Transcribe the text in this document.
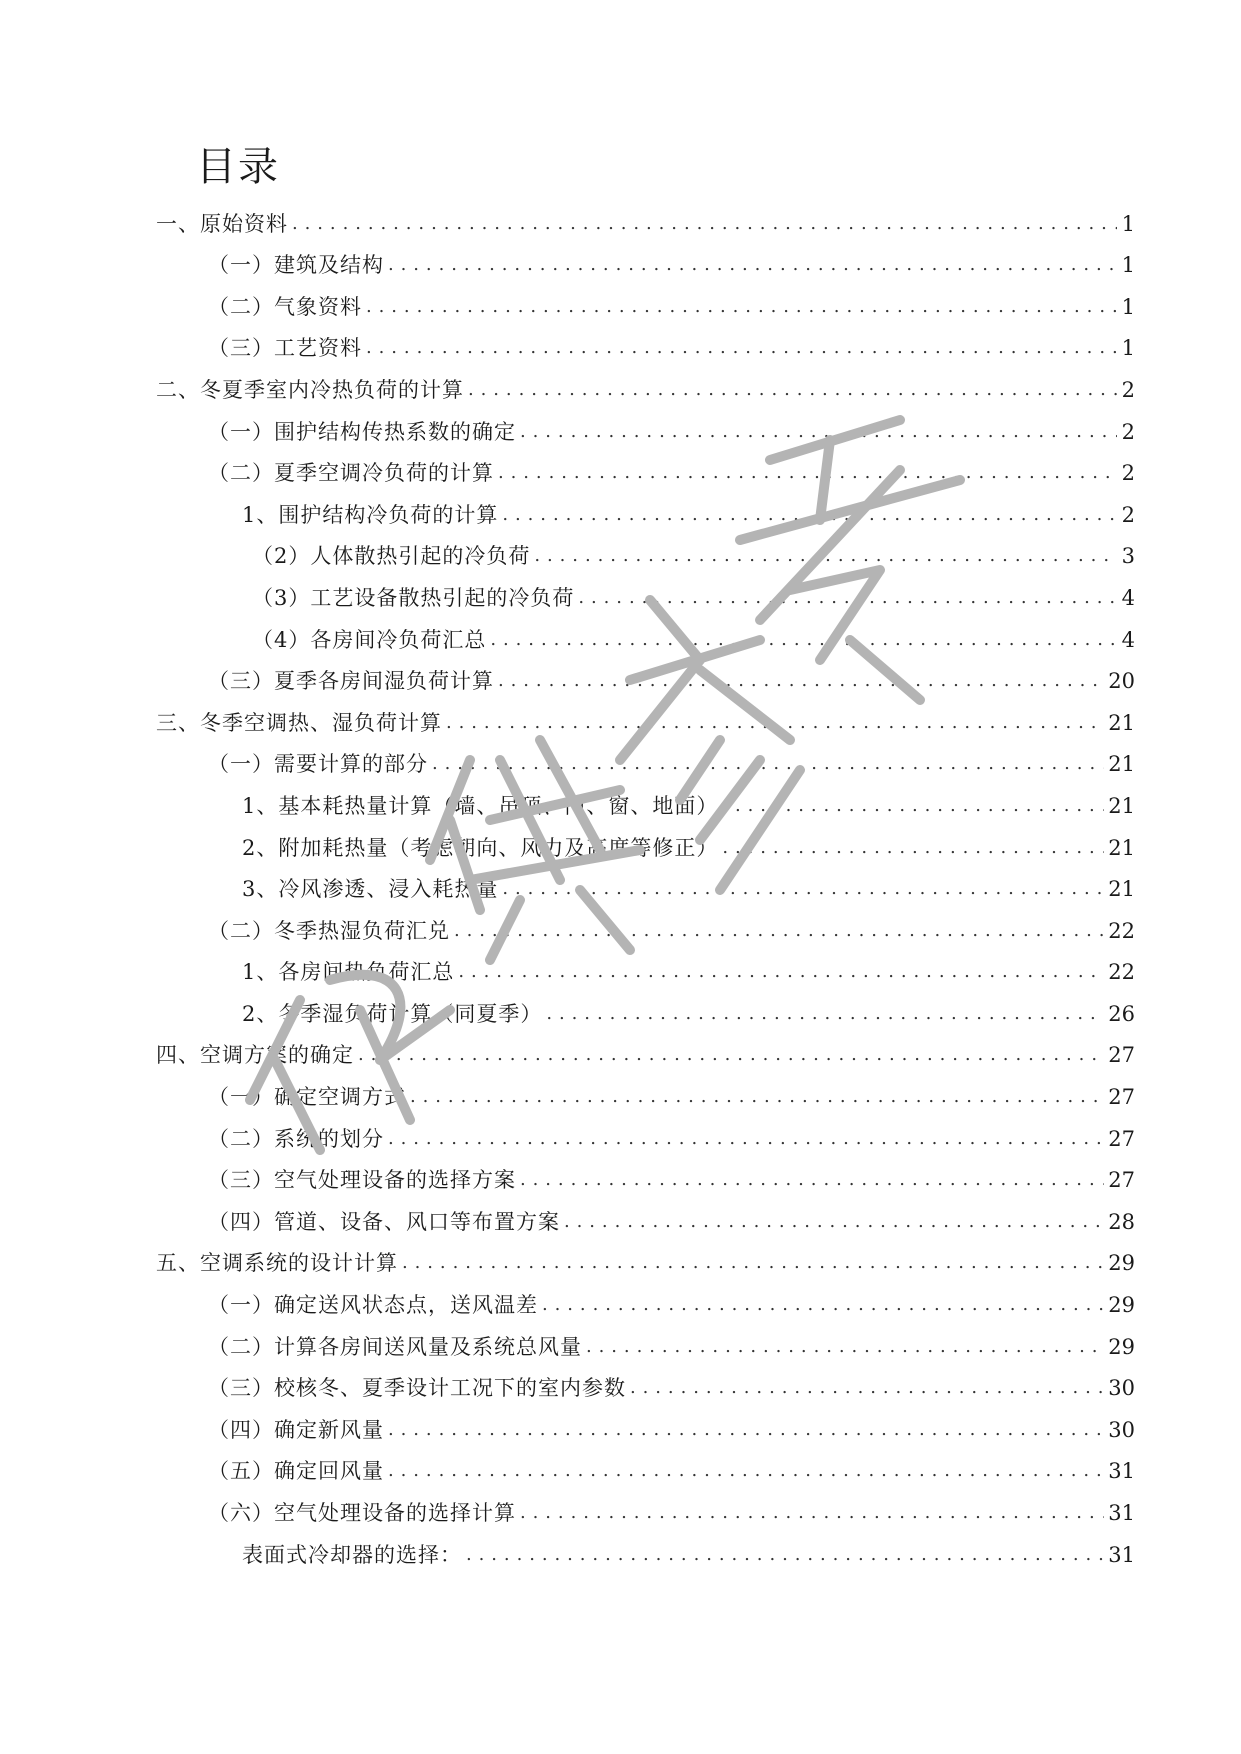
目录
一、原始资料 . . .	1
（一）建筑及结构 . . .	1
（二）气象资料 . . .	1
（三）工艺资料 . . .	1
二、冬夏季室内冷热负荷的计算 . . .	2
（一）围护结构传热系数的确定 . . .	2
（二）夏季空调冷负荷的计算 . . .	2
1、围护结构冷负荷的计算 . . .	2
（2）人体散热引起的冷负荷 . . .	3
（3）工艺设备散热引起的冷负荷 . . .	4
（4）各房间冷负荷汇总 . . .	4
（三）夏季各房间湿负荷计算 . . .	20
三、冬季空调热、湿负荷计算 . . .	21
（一）需要计算的部分 . . .	21
1、基本耗热量计算（墙、吊顶、门、窗、地面） . . .	21
2、附加耗热量（考虑朝向、风力及高度等修正） . . .	21
3、冷风渗透、浸入耗热量 . . .	21
（二）冬季热湿负荷汇兑 . . .	22
1、各房间热负荷汇总 . . .	22
2、冬季湿负荷计算（同夏季） . . .	26
四、空调方案的确定 . . .	27
（一）确定空调方式 . . .	27
（二）系统的划分 . . .	27
（三）空气处理设备的选择方案 . . .	27
（四）管道、设备、风口等布置方案 . . .	28
五、空调系统的设计计算 . . .	29
（一）确定送风状态点，送风温差 . . .	29
（二）计算各房间送风量及系统总风量 . . .	29
（三）校核冬、夏季设计工况下的室内参数 . . .	30
（四）确定新风量 . . .	30
（五）确定回风量 . . .	31
（六）空气处理设备的选择计算 . . .	31
表面式冷却器的选择： . . .	31
